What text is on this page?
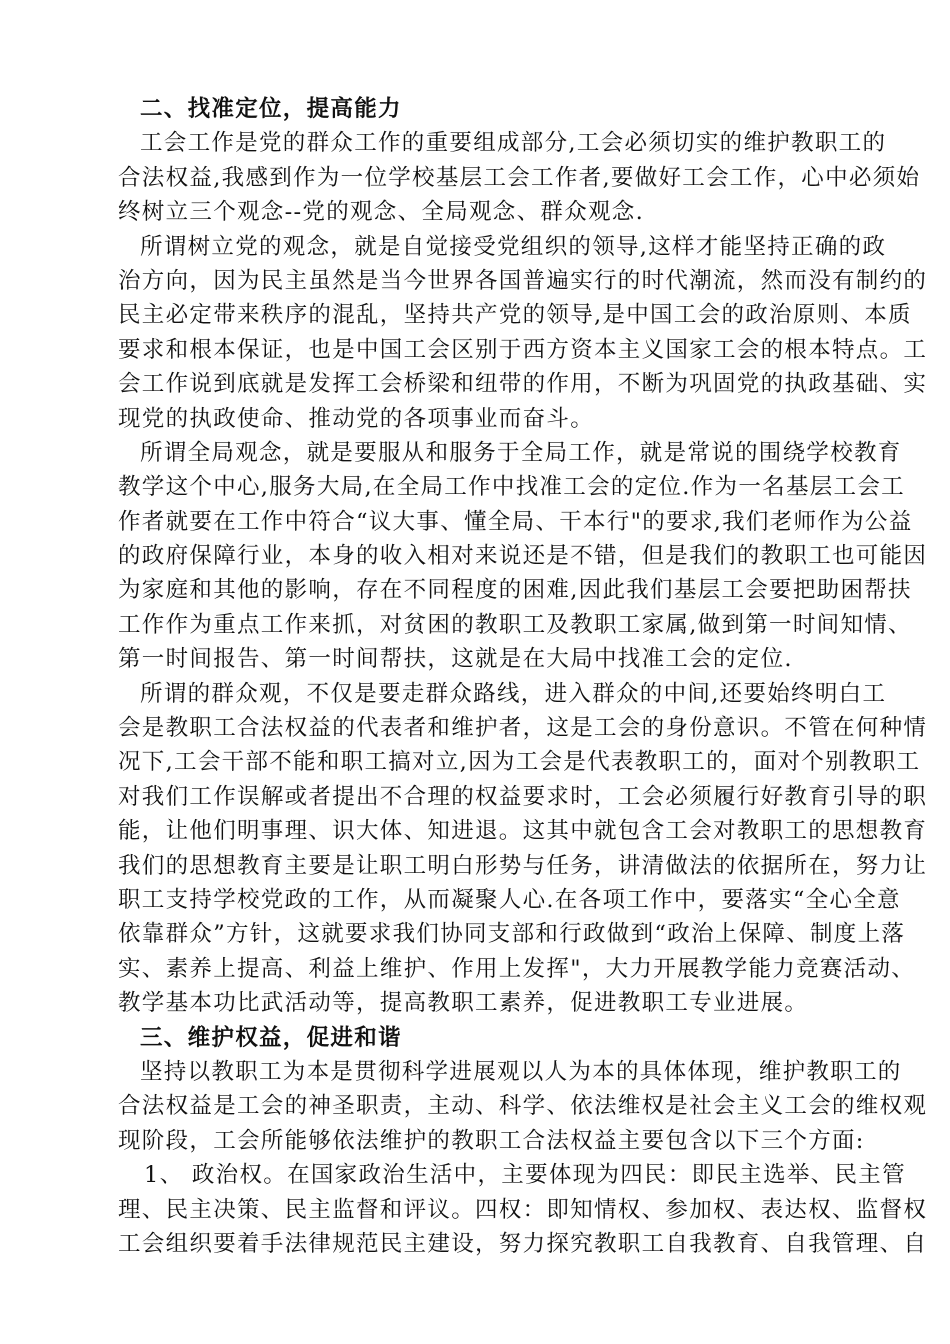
二、找准定位，提高能力
工会工作是党的群众工作的重要组成部分,工会必须切实的维护教职工的
合法权益,我感到作为一位学校基层工会工作者,要做好工会工作，心中必须始
终树立三个观念--党的观念、全局观念、群众观念.
所谓树立党的观念，就是自觉接受党组织的领导,这样才能坚持正确的政
治方向，因为民主虽然是当今世界各国普遍实行的时代潮流，然而没有制约的
民主必定带来秩序的混乱，坚持共产党的领导,是中国工会的政治原则、本质
要求和根本保证，也是中国工会区别于西方资本主义国家工会的根本特点。工
会工作说到底就是发挥工会桥梁和纽带的作用，不断为巩固党的执政基础、实
现党的执政使命、推动党的各项事业而奋斗。
所谓全局观念，就是要服从和服务于全局工作，就是常说的围绕学校教育
教学这个中心,服务大局,在全局工作中找准工会的定位.作为一名基层工会工
作者就要在工作中符合“议大事、懂全局、干本行"的要求,我们老师作为公益
的政府保障行业，本身的收入相对来说还是不错，但是我们的教职工也可能因
为家庭和其他的影响，存在不同程度的困难,因此我们基层工会要把助困帮扶
工作作为重点工作来抓，对贫困的教职工及教职工家属,做到第一时间知情、
第一时间报告、第一时间帮扶，这就是在大局中找准工会的定位.
所谓的群众观，不仅是要走群众路线，进入群众的中间,还要始终明白工
会是教职工合法权益的代表者和维护者，这是工会的身份意识。不管在何种情
况下,工会干部不能和职工搞对立,因为工会是代表教职工的，面对个别教职工
对我们工作误解或者提出不合理的权益要求时，工会必须履行好教育引导的职
能，让他们明事理、识大体、知进退。这其中就包含工会对教职工的思想教育
我们的思想教育主要是让职工明白形势与任务，讲清做法的依据所在，努力让
职工支持学校党政的工作，从而凝聚人心.在各项工作中，要落实“全心全意
依靠群众”方针，这就要求我们协同支部和行政做到“政治上保障、制度上落
实、素养上提高、利益上维护、作用上发挥"，大力开展教学能力竞赛活动、
教学基本功比武活动等，提高教职工素养，促进教职工专业进展。
三、维护权益，促进和谐
坚持以教职工为本是贯彻科学进展观以人为本的具体体现，维护教职工的
合法权益是工会的神圣职责，主动、科学、依法维权是社会主义工会的维权观
现阶段，工会所能够依法维护的教职工合法权益主要包含以下三个方面:
1、 政治权。在国家政治生活中，主要体现为四民：即民主选举、民主管
理、民主决策、民主监督和评议。四权：即知情权、参加权、表达权、监督权
工会组织要着手法律规范民主建设，努力探究教职工自我教育、自我管理、自
